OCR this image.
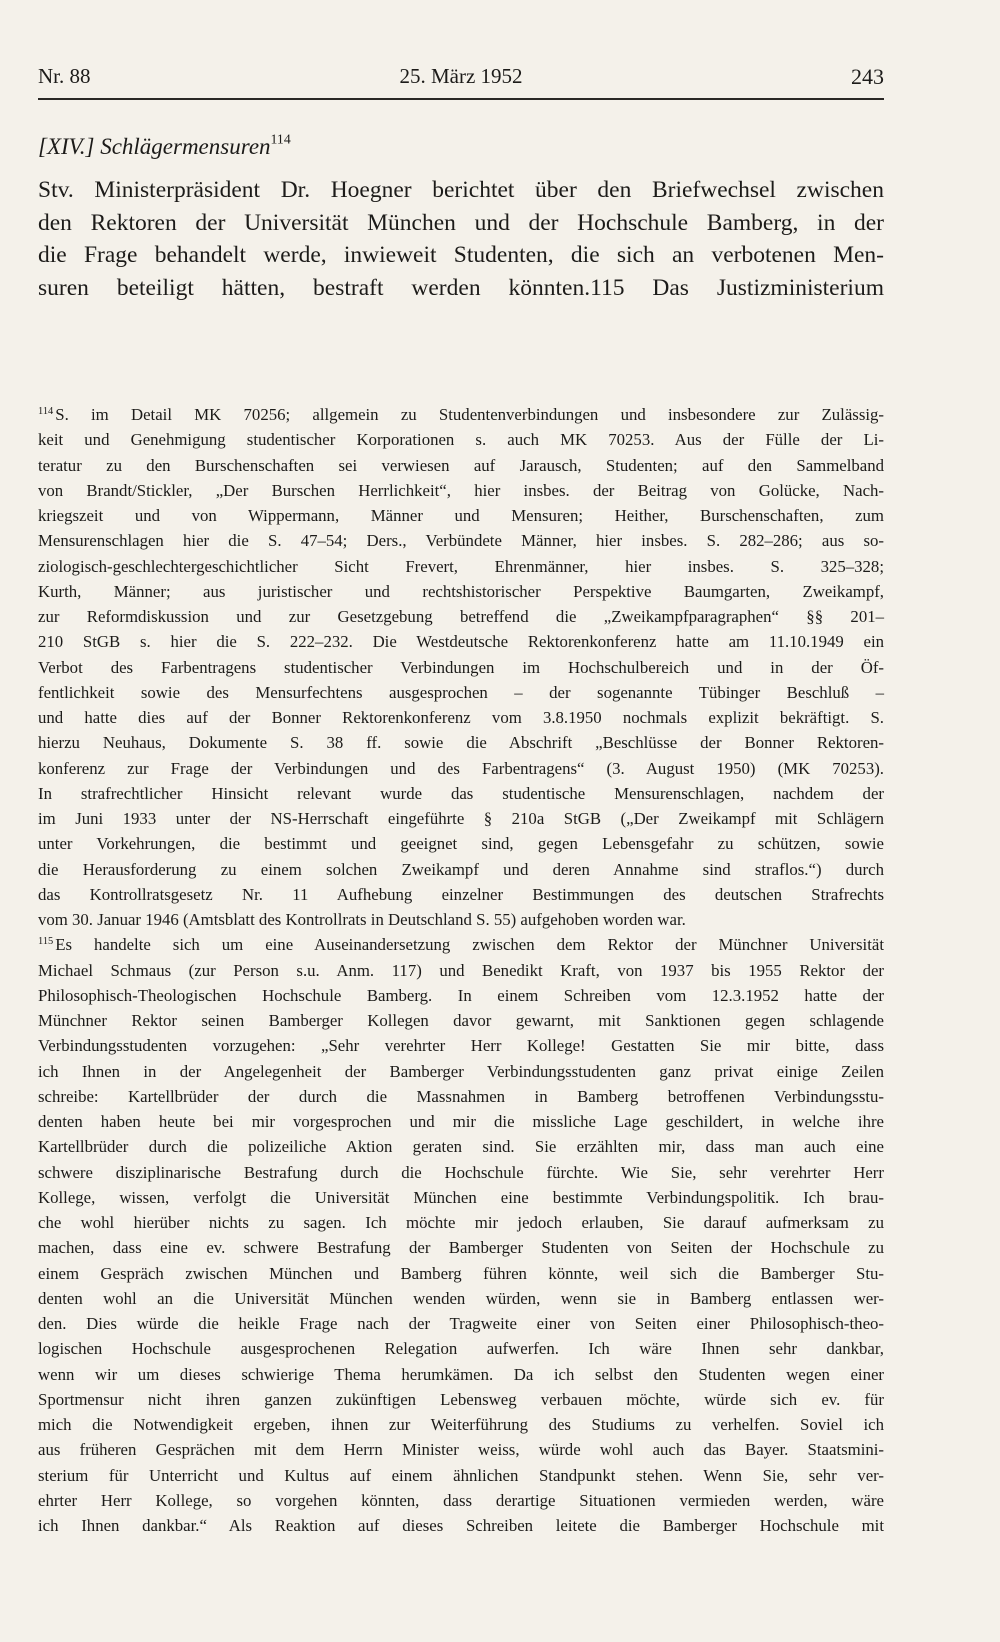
Nr. 88	25. März 1952	243
[XIV.] Schlägermensuren$^{114}$
Stv. Ministerpräsident Dr. Hoegner berichtet über den Briefwechsel zwischen
den Rektoren der Universität München und der Hochschule Bamberg, in der
die Frage behandelt werde, inwieweit Studenten, die sich an verbotenen Men-
suren beteiligt hätten, bestraft werden könnten.115 Das Justizministerium
$^{114}$ S. im Detail MK 70256; allgemein zu Studentenverbindungen und insbesondere zur Zulässig-
keit und Genehmigung studentischer Korporationen s. auch MK 70253. Aus der Fülle der Li-
teratur zu den Burschenschaften sei verwiesen auf Jarausch, Studenten; auf den Sammelband
von Brandt/Stickler, „Der Burschen Herrlichkeit“, hier insbes. der Beitrag von Golücke, Nach-
kriegszeit und von Wippermann, Männer und Mensuren; Heither, Burschenschaften, zum
Mensurenschlagen hier die S. 47–54; Ders., Verbündete Männer, hier insbes. S. 282–286; aus so-
ziologisch-geschlechtergeschichtlicher Sicht Frevert, Ehrenmänner, hier insbes. S. 325–328;
Kurth, Männer; aus juristischer und rechtshistorischer Perspektive Baumgarten, Zweikampf,
zur Reformdiskussion und zur Gesetzgebung betreffend die „Zweikampfparagraphen“ §§ 201–
210 StGB s. hier die S. 222–232. Die Westdeutsche Rektorenkonferenz hatte am 11.10.1949 ein
Verbot des Farbentragens studentischer Verbindungen im Hochschulbereich und in der Öf-
fentlichkeit sowie des Mensurfechtens ausgesprochen – der sogenannte Tübinger Beschluß –
und hatte dies auf der Bonner Rektorenkonferenz vom 3.8.1950 nochmals explizit bekräftigt. S.
hierzu Neuhaus, Dokumente S. 38 ff. sowie die Abschrift „Beschlüsse der Bonner Rektoren-
konferenz zur Frage der Verbindungen und des Farbentragens“ (3. August 1950) (MK 70253).
In strafrechtlicher Hinsicht relevant wurde das studentische Mensurenschlagen, nachdem der
im Juni 1933 unter der NS-Herrschaft eingeführte § 210a StGB („Der Zweikampf mit Schlägern
unter Vorkehrungen, die bestimmt und geeignet sind, gegen Lebensgefahr zu schützen, sowie
die Herausforderung zu einem solchen Zweikampf und deren Annahme sind straflos.“) durch
das Kontrollratsgesetz Nr. 11 Aufhebung einzelner Bestimmungen des deutschen Strafrechts
vom 30. Januar 1946 (Amtsblatt des Kontrollrats in Deutschland S. 55) aufgehoben worden war.
$^{115}$ Es handelte sich um eine Auseinandersetzung zwischen dem Rektor der Münchner Universität
Michael Schmaus (zur Person s.u. Anm. 117) und Benedikt Kraft, von 1937 bis 1955 Rektor der
Philosophisch-Theologischen Hochschule Bamberg. In einem Schreiben vom 12.3.1952 hatte der
Münchner Rektor seinen Bamberger Kollegen davor gewarnt, mit Sanktionen gegen schlagende
Verbindungsstudenten vorzugehen: „Sehr verehrter Herr Kollege! Gestatten Sie mir bitte, dass
ich Ihnen in der Angelegenheit der Bamberger Verbindungsstudenten ganz privat einige Zeilen
schreibe: Kartellbrüder der durch die Massnahmen in Bamberg betroffenen Verbindungsstu-
denten haben heute bei mir vorgesprochen und mir die missliche Lage geschildert, in welche ihre
Kartellbrüder durch die polizeiliche Aktion geraten sind. Sie erzählten mir, dass man auch eine
schwere disziplinarische Bestrafung durch die Hochschule fürchte. Wie Sie, sehr verehrter Herr
Kollege, wissen, verfolgt die Universität München eine bestimmte Verbindungspolitik. Ich brau-
che wohl hierüber nichts zu sagen. Ich möchte mir jedoch erlauben, Sie darauf aufmerksam zu
machen, dass eine ev. schwere Bestrafung der Bamberger Studenten von Seiten der Hochschule zu
einem Gespräch zwischen München und Bamberg führen könnte, weil sich die Bamberger Stu-
denten wohl an die Universität München wenden würden, wenn sie in Bamberg entlassen wer-
den. Dies würde die heikle Frage nach der Tragweite einer von Seiten einer Philosophisch-theo-
logischen Hochschule ausgesprochenen Relegation aufwerfen. Ich wäre Ihnen sehr dankbar,
wenn wir um dieses schwierige Thema herumkämen. Da ich selbst den Studenten wegen einer
Sportmensur nicht ihren ganzen zukünftigen Lebensweg verbauen möchte, würde sich ev. für
mich die Notwendigkeit ergeben, ihnen zur Weiterführung des Studiums zu verhelfen. Soviel ich
aus früheren Gesprächen mit dem Herrn Minister weiss, würde wohl auch das Bayer. Staatsmini-
sterium für Unterricht und Kultus auf einem ähnlichen Standpunkt stehen. Wenn Sie, sehr ver-
ehrter Herr Kollege, so vorgehen könnten, dass derartige Situationen vermieden werden, wäre
ich Ihnen dankbar.“ Als Reaktion auf dieses Schreiben leitete die Bamberger Hochschule mit
